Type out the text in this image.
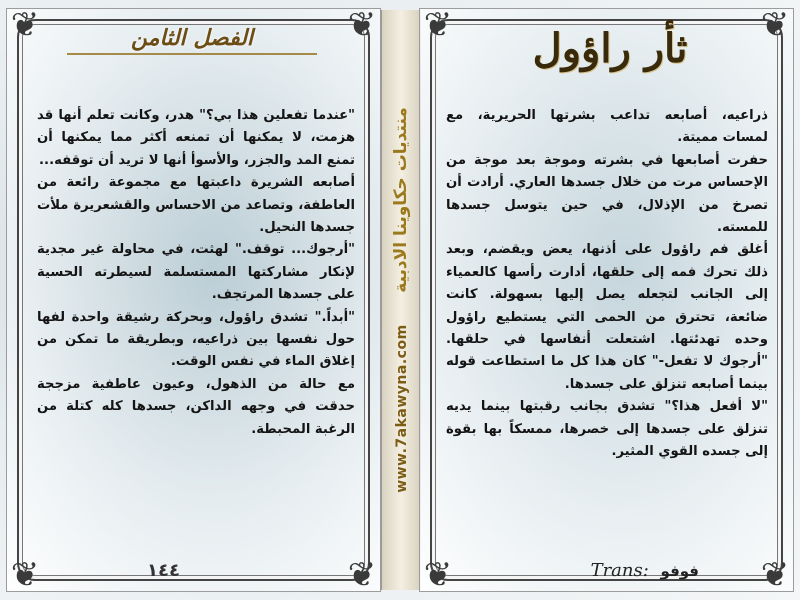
❦	❦
❦	❦
الفصل الثامن

"عندما تفعلين هذا بي؟" هدر، وكانت تعلم أنها قد هزمت، لا يمكنها أن تمنعه أكثر مما يمكنها أن تمنع المد والجزر، والأسوأ أنها لا تريد أن توقفه...

أصابعه الشريرة داعبتها مع مجموعة رائعة من العاطفة، وتصاعد من الاحساس والقشعريرة ملأت جسدها النحيل.

"أرجوك... توقف." لهثت، في محاولة غير مجدية لإنكار مشاركتها المستسلمة لسيطرته الحسية على جسدها المرتجف.

"أبداً." تشدق راؤول، وبحركة رشيقة واحدة لفها حول نفسها بين ذراعيه، وبطريقة ما تمكن من إغلاق الماء في نفس الوقت.

مع حالة من الذهول، وعيون عاطفية مزججة حدقت في وجهه الداكن، جسدها كله كتلة من الرغبة المحبطة.

١٤٤
www.7akawyna.com منتديات حكاوينا الادبية
❦	❦
❦	❦
ثأر راؤول

ذراعيه، أصابعه تداعب بشرتها الحريرية، مع لمسات مميتة.

حفرت أصابعها في بشرته وموجة بعد موجة من الإحساس مرت من خلال جسدها العاري. أرادت أن تصرخ من الإذلال، في حين يتوسل جسدها للمسته.

أغلق فم راؤول على أذنها، يعض ويقضم، وبعد ذلك تحرك فمه إلى حلقها، أدارت رأسها كالعمياء إلى الجانب لتجعله يصل إليها بسهولة. كانت ضائعة، تحترق من الحمى التي يستطيع راؤول وحده تهدئتها. اشتعلت أنفاسها في حلقها. "أرجوك لا تفعل-" كان هذا كل ما استطاعت قوله بينما أصابعه تنزلق على جسدها.

"لا أفعل هذا؟" تشدق بجانب رقبتها بينما يديه تنزلق على جسدها إلى خصرها، ممسكاً بها بقوة إلى جسده القوي المثير.

Trans: فوفو
